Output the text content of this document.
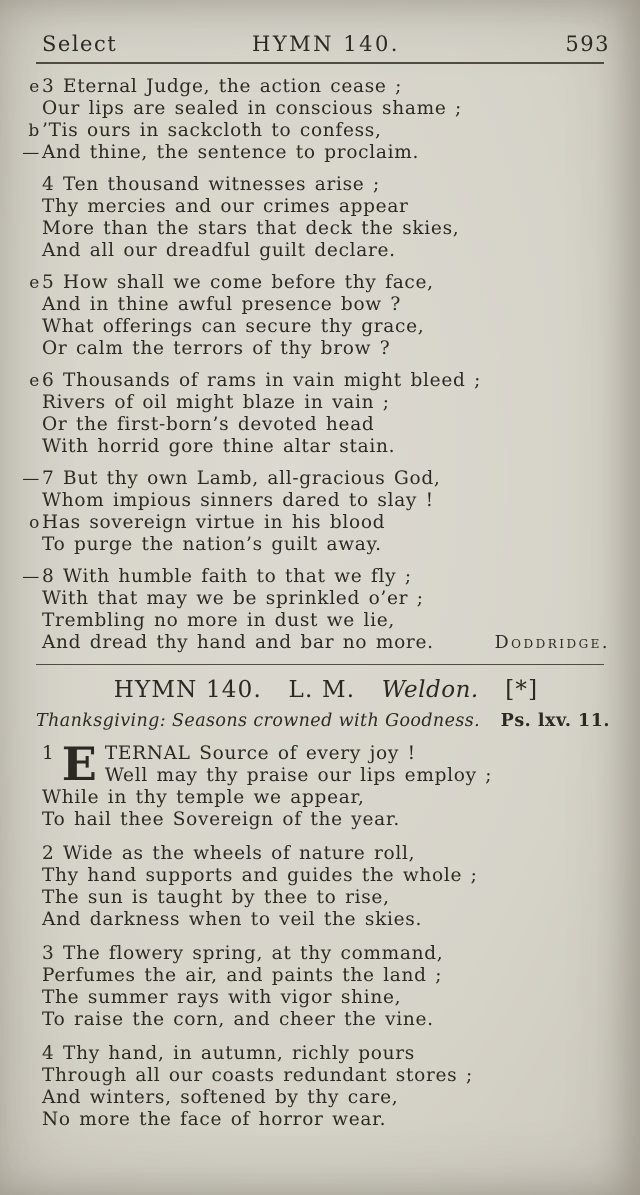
Select	HYMN 140.	593
e 3 Eternal Judge, the action cease ;
Our lips are sealed in conscious shame ;
b ’Tis ours in sackcloth to confess,
— And thine, the sentence to proclaim.
4 Ten thousand witnesses arise ;
Thy mercies and our crimes appear
More than the stars that deck the skies,
And all our dreadful guilt declare.
e 5 How shall we come before thy face,
And in thine awful presence bow ?
What offerings can secure thy grace,
Or calm the terrors of thy brow ?
e 6 Thousands of rams in vain might bleed ;
Rivers of oil might blaze in vain ;
Or the first-born’s devoted head
With horrid gore thine altar stain.
— 7 But thy own Lamb, all-gracious God,
Whom impious sinners dared to slay !
o Has sovereign virtue in his blood
To purge the nation’s guilt away.
— 8 With humble faith to that we fly ;
With that may we be sprinkled o’er ;
Trembling no more in dust we lie,
And dread thy hand and bar no more.	Doddridge.
HYMN 140. L. M. Weldon. [*]
Thanksgiving: Seasons crowned with Goodness. Ps. lxv. 11.
1 E TERNAL Source of every joy !
Well may thy praise our lips employ ;
While in thy temple we appear,
To hail thee Sovereign of the year.
2 Wide as the wheels of nature roll,
Thy hand supports and guides the whole ;
The sun is taught by thee to rise,
And darkness when to veil the skies.
3 The flowery spring, at thy command,
Perfumes the air, and paints the land ;
The summer rays with vigor shine,
To raise the corn, and cheer the vine.
4 Thy hand, in autumn, richly pours
Through all our coasts redundant stores ;
And winters, softened by thy care,
No more the face of horror wear.
